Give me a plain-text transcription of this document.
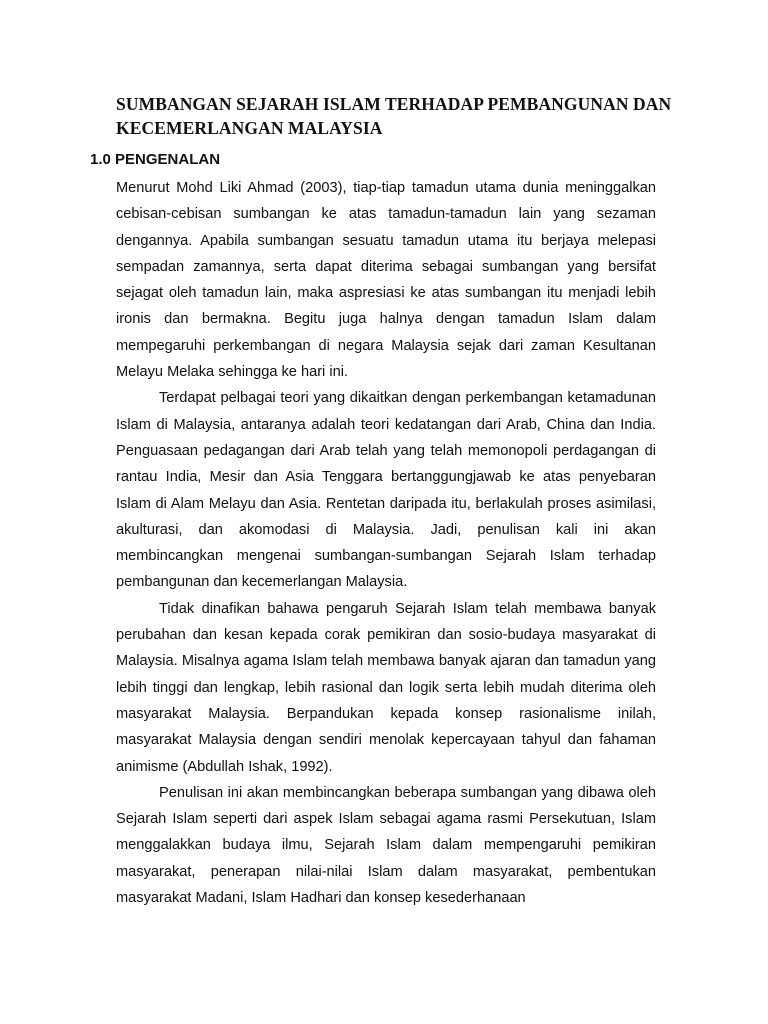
SUMBANGAN SEJARAH ISLAM TERHADAP PEMBANGUNAN DAN KECEMERLANGAN MALAYSIA
1.0 PENGENALAN

Menurut Mohd Liki Ahmad (2003), tiap-tiap tamadun utama dunia meninggalkan cebisan-cebisan sumbangan ke atas tamadun-tamadun lain yang sezaman dengannya. Apabila sumbangan sesuatu tamadun utama itu berjaya melepasi sempadan zamannya, serta dapat diterima sebagai sumbangan yang bersifat sejagat oleh tamadun lain, maka aspresiasi ke atas sumbangan itu menjadi lebih ironis dan bermakna. Begitu juga halnya dengan tamadun Islam dalam mempegaruhi perkembangan di negara Malaysia sejak dari zaman Kesultanan Melayu Melaka sehingga ke hari ini.

Terdapat pelbagai teori yang dikaitkan dengan perkembangan ketamadunan Islam di Malaysia, antaranya adalah teori kedatangan dari Arab, China dan India. Penguasaan pedagangan dari Arab telah yang telah memonopoli perdagangan di rantau India, Mesir dan Asia Tenggara bertanggungjawab ke atas penyebaran Islam di Alam Melayu dan Asia. Rentetan daripada itu, berlakulah proses asimilasi, akulturasi, dan akomodasi di Malaysia. Jadi, penulisan kali ini akan membincangkan mengenai sumbangan-sumbangan Sejarah Islam terhadap pembangunan dan kecemerlangan Malaysia.

Tidak dinafikan bahawa pengaruh Sejarah Islam telah membawa banyak perubahan dan kesan kepada corak pemikiran dan sosio-budaya masyarakat di Malaysia. Misalnya agama Islam telah membawa banyak ajaran dan tamadun yang lebih tinggi dan lengkap, lebih rasional dan logik serta lebih mudah diterima oleh masyarakat Malaysia. Berpandukan kepada konsep rasionalisme inilah, masyarakat Malaysia dengan sendiri menolak kepercayaan tahyul dan fahaman animisme (Abdullah Ishak, 1992).

Penulisan ini akan membincangkan beberapa sumbangan yang dibawa oleh Sejarah Islam seperti dari aspek Islam sebagai agama rasmi Persekutuan, Islam menggalakkan budaya ilmu, Sejarah Islam dalam mempengaruhi pemikiran masyarakat, penerapan nilai-nilai Islam dalam masyarakat, pembentukan masyarakat Madani, Islam Hadhari dan konsep kesederhanaan
